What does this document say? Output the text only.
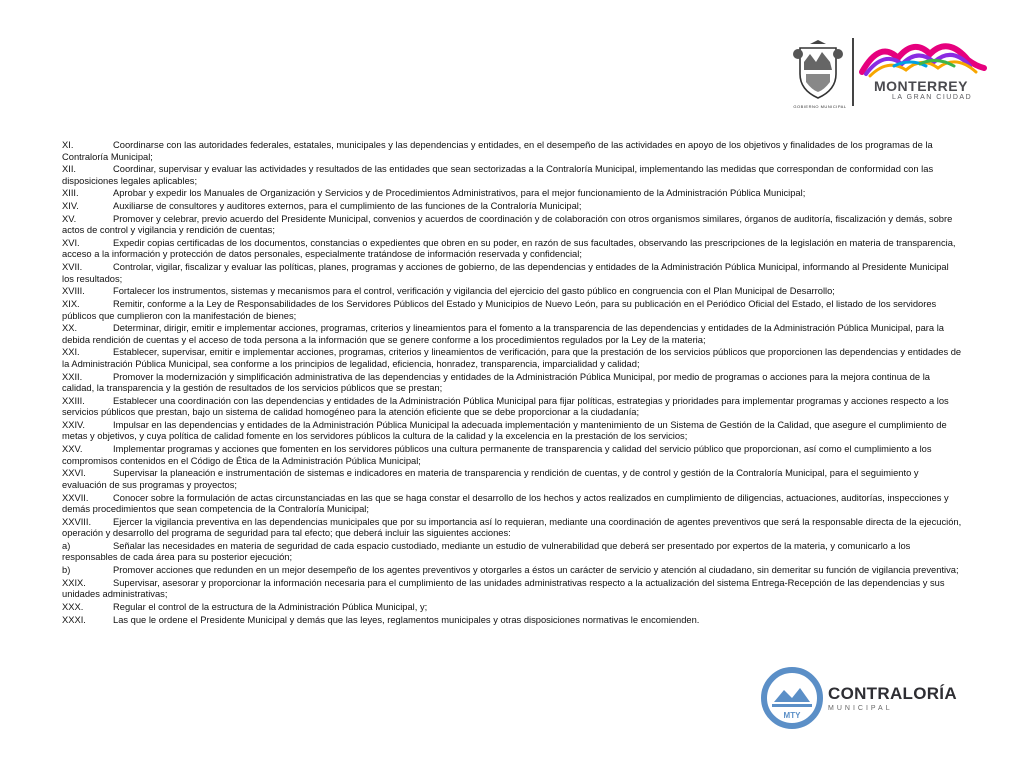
GOBIERNO MUNICIPAL
MONTERREY
LA GRAN CIUDAD
XI.	Coordinarse con las autoridades federales, estatales, municipales y las dependencias y entidades, en el desempeño de las actividades en apoyo de los objetivos y finalidades de los programas de la Contraloría Municipal;
XII.	Coordinar, supervisar y evaluar las actividades y resultados de las entidades que sean sectorizadas a la Contraloría Municipal, implementando las medidas que correspondan de conformidad con las disposiciones legales aplicables;
XIII.	Aprobar y expedir los Manuales de Organización y Servicios y de Procedimientos Administrativos, para el mejor funcionamiento de la Administración Pública Municipal;
XIV.	Auxiliarse de consultores y auditores externos, para el cumplimiento de las funciones de la Contraloría Municipal;
XV.	Promover y celebrar, previo acuerdo del Presidente Municipal, convenios y acuerdos de coordinación y de colaboración con otros organismos similares, órganos de auditoría, fiscalización y demás, sobre actos de control y vigilancia y rendición de cuentas;
XVI.	Expedir copias certificadas de los documentos, constancias o expedientes que obren en su poder, en razón de sus facultades, observando las prescripciones de la legislación en materia de transparencia, acceso a la información y protección de datos personales, especialmente tratándose de información reservada y confidencial;
XVII.	Controlar, vigilar, fiscalizar y evaluar las políticas, planes, programas y acciones de gobierno, de las dependencias y entidades de la Administración Pública Municipal, informando al Presidente Municipal los resultados;
XVIII.	Fortalecer los instrumentos, sistemas y mecanismos para el control, verificación y vigilancia del ejercicio del gasto público en congruencia con el Plan Municipal de Desarrollo;
XIX.	Remitir, conforme a la Ley de Responsabilidades de los Servidores Públicos del Estado y Municipios de Nuevo León, para su publicación en el Periódico Oficial del Estado, el listado de los servidores públicos que cumplieron con la manifestación de bienes;
XX.	Determinar, dirigir, emitir e implementar acciones, programas, criterios y lineamientos para el fomento a la transparencia de las dependencias y entidades de la Administración Pública Municipal, para la debida rendición de cuentas y el acceso de toda persona a la información que se genere conforme a los procedimientos regulados por la Ley de la materia;
XXI.	Establecer, supervisar, emitir e implementar acciones, programas, criterios y lineamientos de verificación, para que la prestación de los servicios públicos que proporcionen las dependencias y entidades de la Administración Pública Municipal, sea conforme a los principios de legalidad, eficiencia, honradez, transparencia, imparcialidad y calidad;
XXII.	Promover la modernización y simplificación administrativa de las dependencias y entidades de la Administración Pública Municipal, por medio de programas o acciones para la mejora continua de la calidad, la transparencia y la gestión de resultados de los servicios públicos que se prestan;
XXIII.	Establecer una coordinación con las dependencias y entidades de la Administración Pública Municipal para fijar políticas, estrategias y prioridades para implementar programas y acciones respecto a los servicios públicos que prestan, bajo un sistema de calidad homogéneo para la atención eficiente que se debe proporcionar a la ciudadanía;
XXIV.	Impulsar en las dependencias y entidades de la Administración Pública Municipal la adecuada implementación y mantenimiento de un Sistema de Gestión de la Calidad, que asegure el cumplimiento de metas y objetivos, y cuya política de calidad fomente en los servidores públicos la cultura de la calidad y la excelencia en la prestación de los servicios;
XXV.	Implementar programas y acciones que fomenten en los servidores públicos una cultura permanente de transparencia y calidad del servicio público que proporcionan, así como el cumplimiento a los compromisos contenidos en el Código de Ética de la Administración Pública Municipal;
XXVI.	Supervisar la planeación e instrumentación de sistemas e indicadores en materia de transparencia y rendición de cuentas, y de control y gestión de la Contraloría Municipal, para el seguimiento y evaluación de sus programas y proyectos;
XXVII.	Conocer sobre la formulación de actas circunstanciadas en las que se haga constar el desarrollo de los hechos y actos realizados en cumplimiento de diligencias, actuaciones, auditorías, inspecciones y demás procedimientos que sean competencia de la Contraloría Municipal;
XXVIII. Ejercer la vigilancia preventiva en las dependencias municipales que por su importancia así lo requieran, mediante una coordinación de agentes preventivos que será la responsable directa de la ejecución, operación y desarrollo del programa de seguridad para tal efecto; que deberá incluir las siguientes acciones:
a)	Señalar las necesidades en materia de seguridad de cada espacio custodiado, mediante un estudio de vulnerabilidad que deberá ser presentado por expertos de la materia, y comunicarlo a los responsables de cada área para su posterior ejecución;
b)	Promover acciones que redunden en un mejor desempeño de los agentes preventivos y otorgarles a éstos un carácter de servicio y atención al ciudadano, sin demeritar su función de vigilancia preventiva;
XXIX.	Supervisar, asesorar y proporcionar la información necesaria para el cumplimiento de las unidades administrativas respecto a la actualización del sistema Entrega-Recepción de las dependencias y sus unidades administrativas;
XXX.	Regular el control de la estructura de la Administración Pública Municipal, y;
XXXI.	Las que le ordene el Presidente Municipal y demás que las leyes, reglamentos municipales y otras disposiciones normativas le encomienden.
MTY
CONTRALORÍA
MUNICIPAL
